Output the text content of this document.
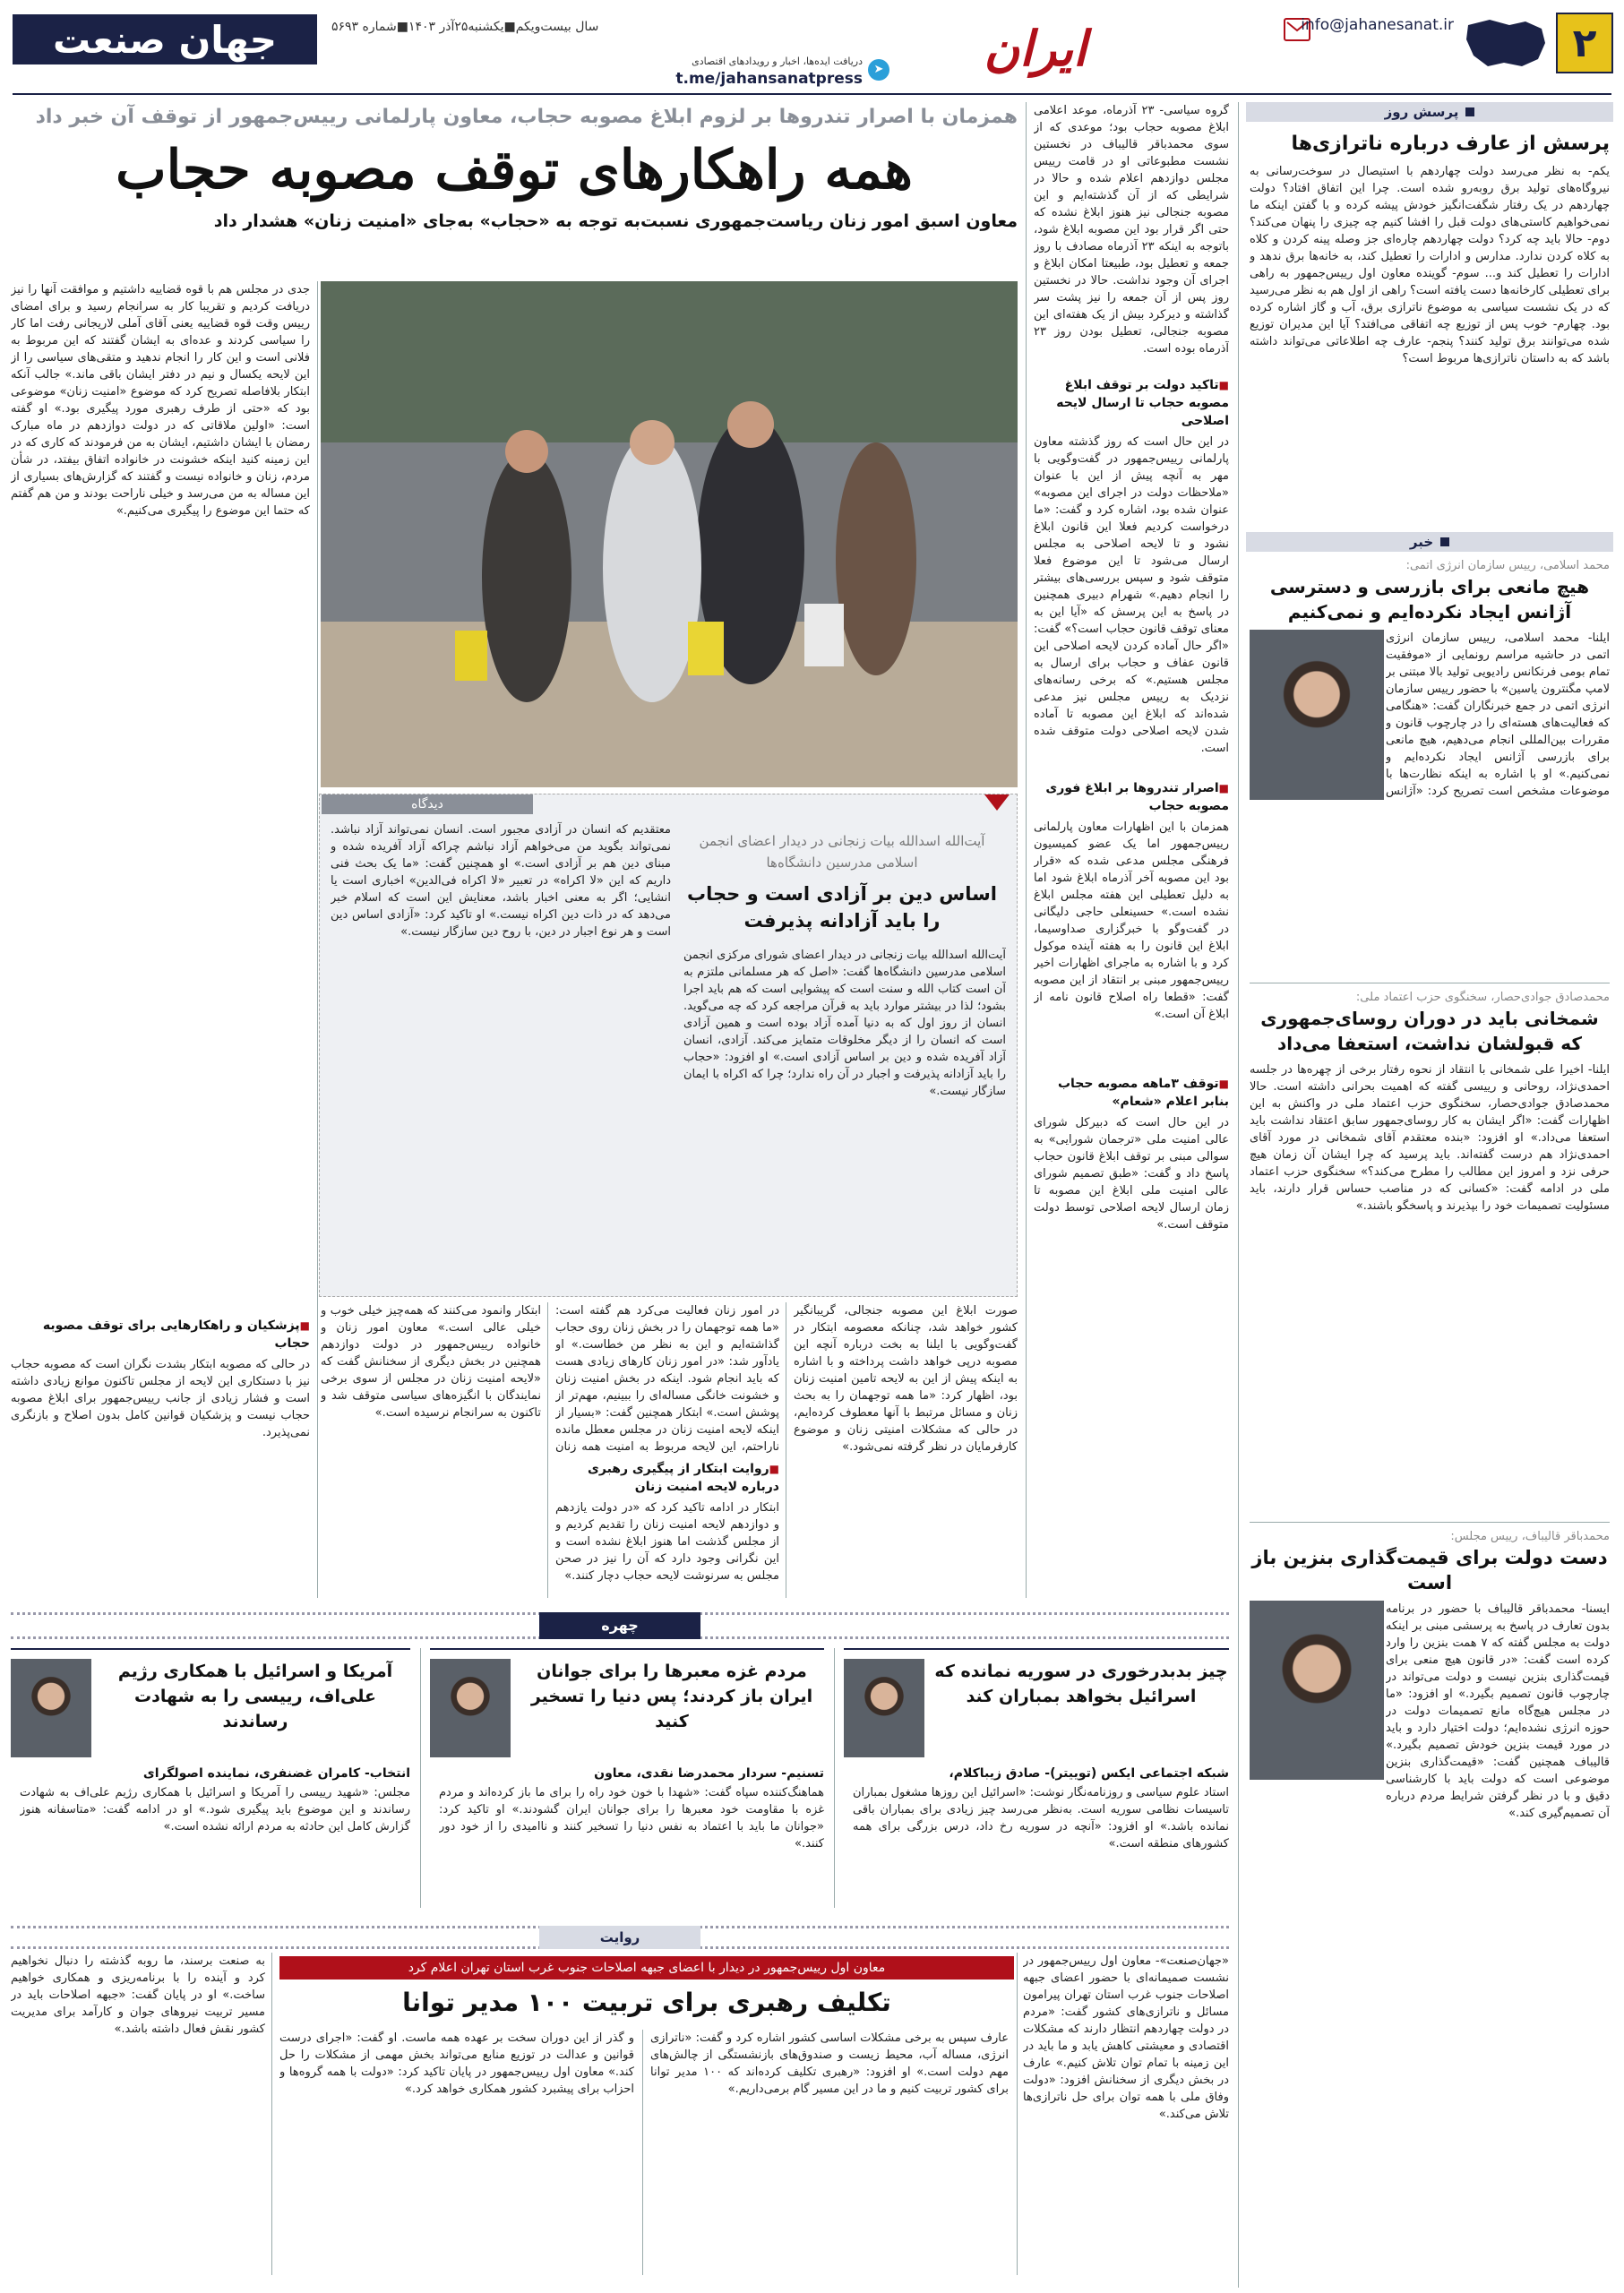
۲
info@jahanesanat.ir
ایران
دریافت ایده‌ها، اخبار و رویدادهای اقتصادی
t.me/jahansanatpress
➤
جهان صنعت	سال بیست‌ویکم■یکشنبه۲۵آذر ۱۴۰۳■شماره ۵۶۹۳
پرسش روز
پرسش از عارف درباره ناترازی‌ها
یکم- به نظر می‌رسد دولت چهاردهم با استیصال در سوخت‌رسانی به نیروگاه‌های تولید برق روبه‌رو شده است. چرا این اتفاق افتاد؟ دولت چهاردهم در یک رفتار شگفت‌انگیز خودش پیشه کرده و با گفتن اینکه ما نمی‌خواهیم کاستی‌های دولت قبل را افشا کنیم چه چیزی را پنهان می‌کند؟ دوم- حالا باید چه کرد؟ دولت چهاردهم چاره‌ای جز وصله پینه کردن و کلاه به کلاه کردن ندارد. مدارس و ادارات را تعطیل کند، به خانه‌ها برق ندهد و ادارات را تعطیل کند و... سوم- گوینده معاون اول رییس‌جمهور به راهی برای تعطیلی کارخانه‌ها دست یافته است؟ راهی از اول هم به نظر می‌رسید که در یک نشست سیاسی به موضوع ناترازی برق، آب و گاز اشاره کرده بود. چهارم- خوب پس از توزیع چه اتفاقی می‌افتد؟ آیا این مدیران توزیع شده می‌توانند برق تولید کنند؟ پنجم- عارف چه اطلاعاتی می‌تواند داشته باشد که به داستان ناترازی‌ها مربوط است؟
خبر
محمد اسلامی، رییس سازمان انرژی اتمی:
هیچ مانعی برای بازرسی و دسترسی آژانس ایجاد نکرده‌ایم و نمی‌کنیم
ایلنا- محمد اسلامی، رییس سازمان انرژی اتمی در حاشیه مراسم رونمایی از «موفقیت تمام بومی فرنکانس رادیویی تولید بالا مبتنی بر لامپ مگنترون یاسین» با حضور رییس سازمان انرژی اتمی در جمع خبرنگاران گفت: «هنگامی که فعالیت‌های هسته‌ای را در چارچوب قانون و مقررات بین‌المللی انجام می‌دهیم، هیچ مانعی برای بازرسی آژانس ایجاد نکرده‌ایم و نمی‌کنیم.» او با اشاره به اینکه نظارت‌ها با موضوعات مشخص است تصریح کرد: «آژانس
محمدصادق جوادی‌حصار، سخنگوی حزب اعتماد ملی:
شمخانی باید در دوران روسای‌جمهوری که قبولشان نداشت، استعفا می‌داد
ایلنا- اخیرا علی شمخانی با انتقاد از نحوه رفتار برخی از چهره‌ها در جلسه احمدی‌نژاد، روحانی و رییسی گفته که اهمیت بحرانی داشته است. حالا محمدصادق جوادی‌حصار، سخنگوی حزب اعتماد ملی در واکنش به این اظهارات گفت: «اگر ایشان به کار روسای‌جمهور سابق اعتقاد نداشت باید استعفا می‌داد.» او افزود: «بنده معتقدم آقای شمخانی در مورد آقای احمدی‌نژاد هم درست گفته‌اند. باید پرسید که چرا ایشان آن زمان هیچ حرفی نزد و امروز این مطالب را مطرح می‌کند؟» سخنگوی حزب اعتماد ملی در ادامه گفت: «کسانی که در مناصب حساس قرار دارند، باید مسئولیت تصمیمات خود را بپذیرند و پاسخگو باشند.»
محمدباقر قالیباف، رییس مجلس:
دست دولت برای قیمت‌گذاری بنزین باز است
ایسنا- محمدباقر قالیباف با حضور در برنامه بدون تعارف در پاسخ به پرسشی مبنی بر اینکه دولت به مجلس گفته که ۷ همت بنزین را وارد کرده است گفت: «در قانون هیچ منعی برای قیمت‌گذاری بنزین نیست و دولت می‌تواند در چارچوب قانون تصمیم بگیرد.» او افزود: «ما در مجلس هیچ‌گاه مانع تصمیمات دولت در حوزه انرژی نشده‌ایم؛ دولت اختیار دارد و باید در مورد قیمت بنزین خودش تصمیم بگیرد.» قالیباف همچنین گفت: «قیمت‌گذاری بنزین موضوعی است که دولت باید با کارشناسی دقیق و با در نظر گرفتن شرایط مردم درباره آن تصمیم‌گیری کند.»
گروه سیاسی- ۲۳ آذرماه، موعد اعلامی ابلاغ مصوبه حجاب بود؛ موعدی که از سوی محمدباقر قالیباف در نخستین نشست مطبوعاتی او در قامت رییس مجلس دوازدهم اعلام شده و حالا در شرایطی که از آن گذشته‌ایم و این مصوبه جنجالی نیز هنوز ابلاغ نشده که حتی اگر قرار بود این مصوبه ابلاغ شود، باتوجه به اینکه ۲۳ آذرماه مصادف با روز جمعه و تعطیل بود، طبیعتا امکان ابلاغ و اجرای آن وجود نداشت. حالا در نخستین روز پس از آن جمعه را نیز پشت سر گذاشته و دیرکرد بیش از یک هفته‌ای این مصوبه جنجالی، تعطیل بودن روز ۲۳ آذرماه بوده است.
■ تاکید دولت بر توقف ابلاغ مصوبه حجاب تا ارسال لایحه اصلاحی
در این حال است که روز گذشته معاون پارلمانی رییس‌جمهور در گفت‌وگویی با مهر به آنچه پیش از این با عنوان «ملاحظات دولت در اجرای این مصوبه» عنوان شده بود، اشاره کرد و گفت: «ما درخواست کردیم فعلا این قانون ابلاغ نشود و تا لایحه اصلاحی به مجلس ارسال می‌شود تا این موضوع فعلا متوقف شود و سپس بررسی‌های بیشتر را انجام دهیم.» شهرام دبیری همچنین در پاسخ به این پرسش که «آیا این به معنای توقف قانون حجاب است؟» گفت: «اگر حال آماده کردن لایحه اصلاحی این قانون عفاف و حجاب برای ارسال به مجلس هستیم.» که برخی رسانه‌های نزدیک به رییس مجلس نیز مدعی شده‌اند که ابلاغ این مصوبه تا آماده شدن لایحه اصلاحی دولت متوقف شده است.
■ اصرار تندروها بر ابلاغ فوری مصوبه حجاب
همزمان با این اظهارات معاون پارلمانی رییس‌جمهور اما یک عضو کمیسیون فرهنگی مجلس مدعی شده که «قرار بود این مصوبه آخر آذرماه ابلاغ شود اما به دلیل تعطیلی این هفته مجلس ابلاغ نشده است.» حسینعلی حاجی دلیگانی در گفت‌وگو با خبرگزاری صداوسیما، ابلاغ این قانون را به هفته آینده موکول کرد و با اشاره به ماجرای اظهارات اخیر رییس‌جمهور مبنی بر انتقاد از این مصوبه گفت: «قطعا راه اصلاح قانون نامه از ابلاغ آن است.»
■ توقف ۳ماهه مصوبه حجاب بنابر اعلام «شعام»
در این حال است که دبیرکل شورای عالی امنیت ملی «ترجمان شورایی» به سوالی مبنی بر توقف ابلاغ قانون حجاب پاسخ داد و گفت: «طبق تصمیم شورای عالی امنیت ملی ابلاغ این مصوبه تا زمان ارسال لایحه اصلاحی توسط دولت متوقف است.»
همزمان با اصرار تندروها بر لزوم ابلاغ مصوبه حجاب، معاون پارلمانی رییس‌جمهور از توقف آن خبر داد
همه راهکارهای توقف مصوبه حجاب
معاون اسبق امور زنان ریاست‌جمهوری نسبت‌به توجه به «حجاب» به‌جای «امنیت زنان» هشدار داد
جدی در مجلس هم با قوه قضاییه داشتیم و موافقت آنها را نیز دریافت کردیم و تقریبا کار به سرانجام رسید و برای امضای رییس وقت قوه قضاییه یعنی آقای آملی لاریجانی رفت اما کار را سیاسی کردند و عده‌ای به ایشان گفتند که این مربوط به فلانی است و این کار را انجام ندهید و متقی‌های سیاسی را از این لایحه یکسال و نیم در دفتر ایشان باقی ماند.» جالب آنکه ابتکار بلافاصله تصریح کرد که موضوع «امنیت زنان» موضوعی بود که «حتی از طرف رهبری مورد پیگیری بود.» او گفته است: «اولین ملاقاتی که در دولت دوازدهم در ماه مبارک رمضان با ایشان داشتیم، ایشان به من فرمودند که کاری که در این زمینه کنید اینکه خشونت در خانواده اتفاق بیفتد، در شأن مردم، زنان و خانواده نیست و گفتند که گزارش‌های بسیاری از این مساله به من می‌رسد و خیلی ناراحت بودند و من هم گفتم که حتما این موضوع را پیگیری می‌کنیم.»
■ پزشکیان و راهکارهایی برای توقف مصوبه حجاب
در حالی که مصوبه ابتکار بشدت نگران است که مصوبه حجاب نیز با دستکاری این لایحه از مجلس تاکنون موانع زیادی داشته است و فشار زیادی از جانب رییس‌جمهور برای ابلاغ مصوبه حجاب نیست و پزشکیان قوانین کامل بدون اصلاح و بازنگری نمی‌پذیرد.
دیدگاه
آیت‌الله اسدالله بیات زنجانی در دیدار اعضای انجمن اسلامی مدرسین دانشگاه‌ها
اساس دین بر آزادی است و حجاب را باید آزادانه پذیرفت
آیت‌الله اسدالله بیات زنجانی در دیدار اعضای شورای مرکزی انجمن اسلامی مدرسین دانشگاه‌ها گفت: «اصل که هر مسلمانی ملتزم به آن است کتاب الله و سنت است که پیشوایی است که هم باید اجرا بشود؛ لذا در بیشتر موارد باید به قرآن مراجعه کرد که چه می‌گوید. انسان از روز اول که به دنیا آمده آزاد بوده است و همین آزادی است که انسان را از دیگر مخلوقات متمایز می‌کند. آزادی، انسان آزاد آفریده شده و دین بر اساس آزادی است.» او افزود: «حجاب را باید آزادانه پذیرفت و اجبار در آن راه ندارد؛ چرا که اکراه با ایمان سازگار نیست.»
معتقدیم که انسان در آزادی مجبور است. انسان نمی‌تواند آزاد نباشد. نمی‌تواند بگوید من می‌خواهم آزاد نباشم چراکه آزاد آفریده شده و مبنای دین هم بر آزادی است.» او همچنین گفت: «ما یک بحث فنی داریم که این «لا اکراه» در تعبیر «لا اکراه فی‌الدین» اخباری است یا انشایی؛ اگر به معنی اخبار باشد، معنایش این است که اسلام خبر می‌دهد که در ذات دین اکراه نیست.» او تاکید کرد: «آزادی اساس دین است و هر نوع اجبار در دین، با روح دین سازگار نیست.»
صورت ابلاغ این مصوبه جنجالی، گریبانگیر کشور خواهد شد، چنانکه معصومه ابتکار در گفت‌وگویی با ایلنا به بخت درباره آنچه این مصوبه درپی خواهد داشت پرداخته و با اشاره به اینکه پیش از این به لایحه تامین امنیت زنان بود، اظهار کرد: «ما همه توجهمان را به بحث زنان و مسائل مرتبط با آنها معطوف کرده‌ایم، در حالی که مشکلات امنیتی زنان و موضوع کارفرمایان در نظر گرفته نمی‌شود.»
در امور زنان فعالیت می‌کرد هم گفته است: «ما همه توجهمان را در بخش زنان روی حجاب گذاشته‌ایم و این به نظر من خطاست.» او یادآور شد: «در امور زنان کارهای زیادی هست که باید انجام شود. اینکه در بخش امنیت زنان و خشونت خانگی مساله‌ای را ببینیم، مهم‌تر از پوشش است.» ابتکار همچنین گفت: «بسیار از اینکه لایحه امنیت زنان در مجلس معطل مانده ناراحتم، این لایحه مربوط به امنیت همه زنان
■ روایت ابتکار از پیگیری رهبری درباره لایحه امنیت زنان
ابتکار در ادامه تاکید کرد که «در دولت یازدهم و دوازدهم لایحه امنیت زنان را تقدیم کردیم و از مجلس گذشت اما هنوز ابلاغ نشده است و این نگرانی وجود دارد که آن را نیز در صحن مجلس به سرنوشت لایحه حجاب دچار کنند.»
ابتکار وانمود می‌کنند که همه‌چیز خیلی خوب و خیلی عالی است.» معاون امور زنان و خانواده رییس‌جمهور در دولت دوازدهم همچنین در بخش دیگری از سخنانش گفت که «لایحه امنیت زنان در مجلس از سوی برخی نمایندگان با انگیزه‌های سیاسی متوقف شد و تاکنون به سرانجام نرسیده است.»
چهره
چیز بدبدرخوری در سوریه نمانده که اسرائیل بخواهد بمباران کند
شبکه اجتماعی ایکس (توییتر)- صادق زیباکلام،
استاد علوم سیاسی و روزنامه‌نگار نوشت: «اسرائیل این روزها مشغول بمباران تاسیسات نظامی سوریه است. به‌نظر می‌رسد چیز زیادی برای بمباران باقی نمانده باشد.» او افزود: «آنچه در سوریه رخ داد، درس بزرگی برای همه کشورهای منطقه است.»
مردم غزه معبرها را برای جوانان ایران باز کردند؛ پس دنیا را تسخیر کنید
تسنیم- سردار محمدرضا نقدی، معاون
هماهنگ‌کننده سپاه گفت: «شهدا با خون خود راه را برای ما باز کرده‌اند و مردم غزه با مقاومت خود معبرها را برای جوانان ایران گشودند.» او تاکید کرد: «جوانان ما باید با اعتماد به نفس دنیا را تسخیر کنند و ناامیدی را از خود دور کنند.»
آمریکا و اسرائیل با همکاری رژیم علی‌اف، رییسی را به شهادت رساندند
انتخاب- کامران غضنفری، نماینده اصولگرای
مجلس: «شهید رییسی را آمریکا و اسرائیل با همکاری رژیم علی‌اف به شهادت رساندند و این موضوع باید پیگیری شود.» او در ادامه گفت: «متاسفانه هنوز گزارش کامل این حادثه به مردم ارائه نشده است.»
روایت
معاون اول رییس‌جمهور در دیدار با اعضای جبهه اصلاحات جنوب غرب استان تهران اعلام کرد
تکلیف رهبری برای تربیت ۱۰۰ مدیر توانا
«جهان‌صنعت»- معاون اول رییس‌جمهور در نشست صمیمانه‌ای با حضور اعضای جبهه اصلاحات جنوب غرب استان تهران پیرامون مسائل و ناترازی‌های کشور گفت: «مردم در دولت چهاردهم انتظار دارند که مشکلات اقتصادی و معیشتی کاهش یابد و ما باید در این زمینه با تمام توان تلاش کنیم.» عارف در بخش دیگری از سخنانش افزود: «دولت وفاق ملی با همه توان برای حل ناترازی‌ها تلاش می‌کند.»
عارف سپس به برخی مشکلات اساسی کشور اشاره کرد و گفت: «ناترازی انرژی، مساله آب، محیط زیست و صندوق‌های بازنشستگی از چالش‌های مهم دولت است.» او افزود: «رهبری تکلیف کرده‌اند که ۱۰۰ مدیر توانا برای کشور تربیت کنیم و ما در این مسیر گام برمی‌داریم.»
و گذر از این دوران سخت بر عهده همه ماست. او گفت: «اجرای درست قوانین و عدالت در توزیع منابع می‌تواند بخش مهمی از مشکلات را حل کند.» معاون اول رییس‌جمهور در پایان تاکید کرد: «دولت با همه گروه‌ها و احزاب برای پیشبرد کشور همکاری خواهد کرد.»
به صنعت برسند، ما روبه گذشته را دنبال نخواهیم کرد و آینده را با برنامه‌ریزی و همکاری خواهیم ساخت.» او در پایان گفت: «جبهه اصلاحات باید در مسیر تربیت نیروهای جوان و کارآمد برای مدیریت کشور نقش فعال داشته باشد.»
